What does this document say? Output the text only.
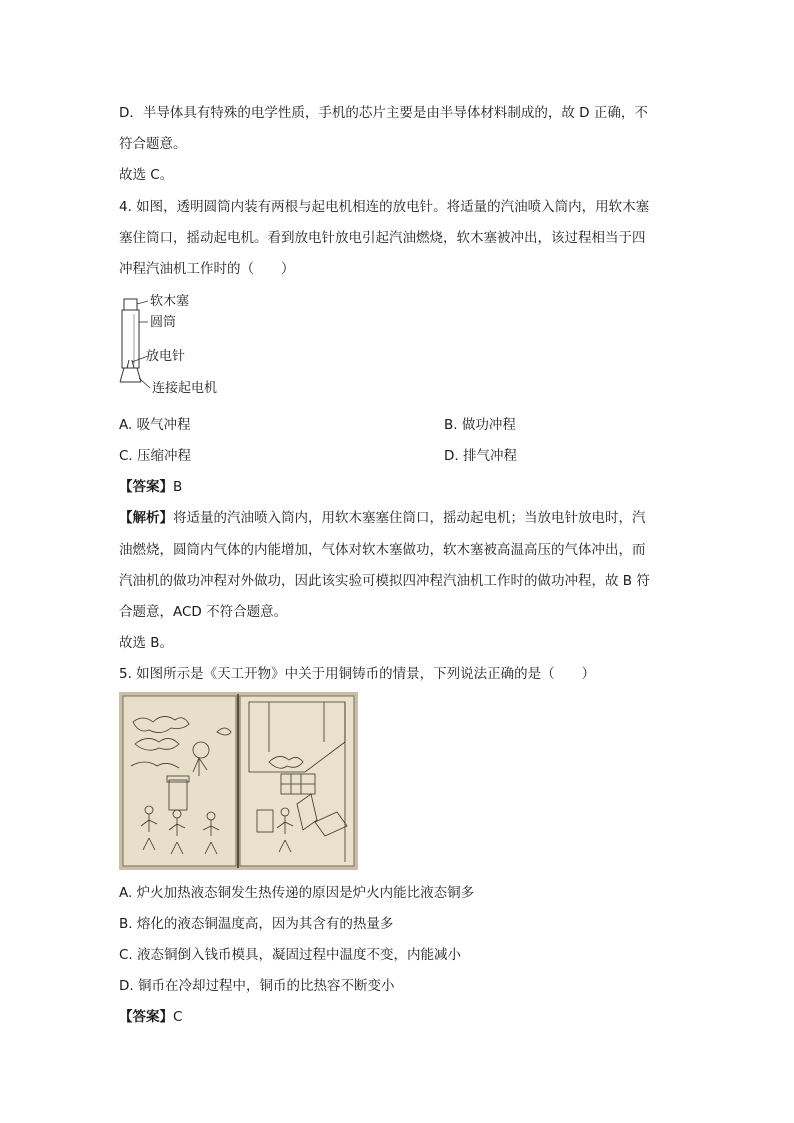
D．半导体具有特殊的电学性质，手机的芯片主要是由半导体材料制成的，故 D 正确，不
符合题意。
故选 C。
4. 如图，透明圆筒内装有两根与起电机相连的放电针。将适量的汽油喷入筒内，用软木塞
塞住筒口，摇动起电机。看到放电针放电引起汽油燃烧，软木塞被冲出，该过程相当于四
冲程汽油机工作时的（　　）
软木塞
圆筒
放电针
连接起电机
A. 吸气冲程	B. 做功冲程
C. 压缩冲程	D. 排气冲程
【答案】B
【解析】将适量的汽油喷入筒内，用软木塞塞住筒口，摇动起电机；当放电针放电时，汽
油燃烧，圆筒内气体的内能增加，气体对软木塞做功，软木塞被高温高压的气体冲出，而
汽油机的做功冲程对外做功，因此该实验可模拟四冲程汽油机工作时的做功冲程，故 B 符
合题意，ACD 不符合题意。
故选 B。
5. 如图所示是《天工开物》中关于用铜铸币的情景，下列说法正确的是（　　）
A. 炉火加热液态铜发生热传递的原因是炉火内能比液态铜多
B. 熔化的液态铜温度高，因为其含有的热量多
C. 液态铜倒入钱币模具，凝固过程中温度不变，内能减小
D. 铜币在冷却过程中，铜币的比热容不断变小
【答案】C
